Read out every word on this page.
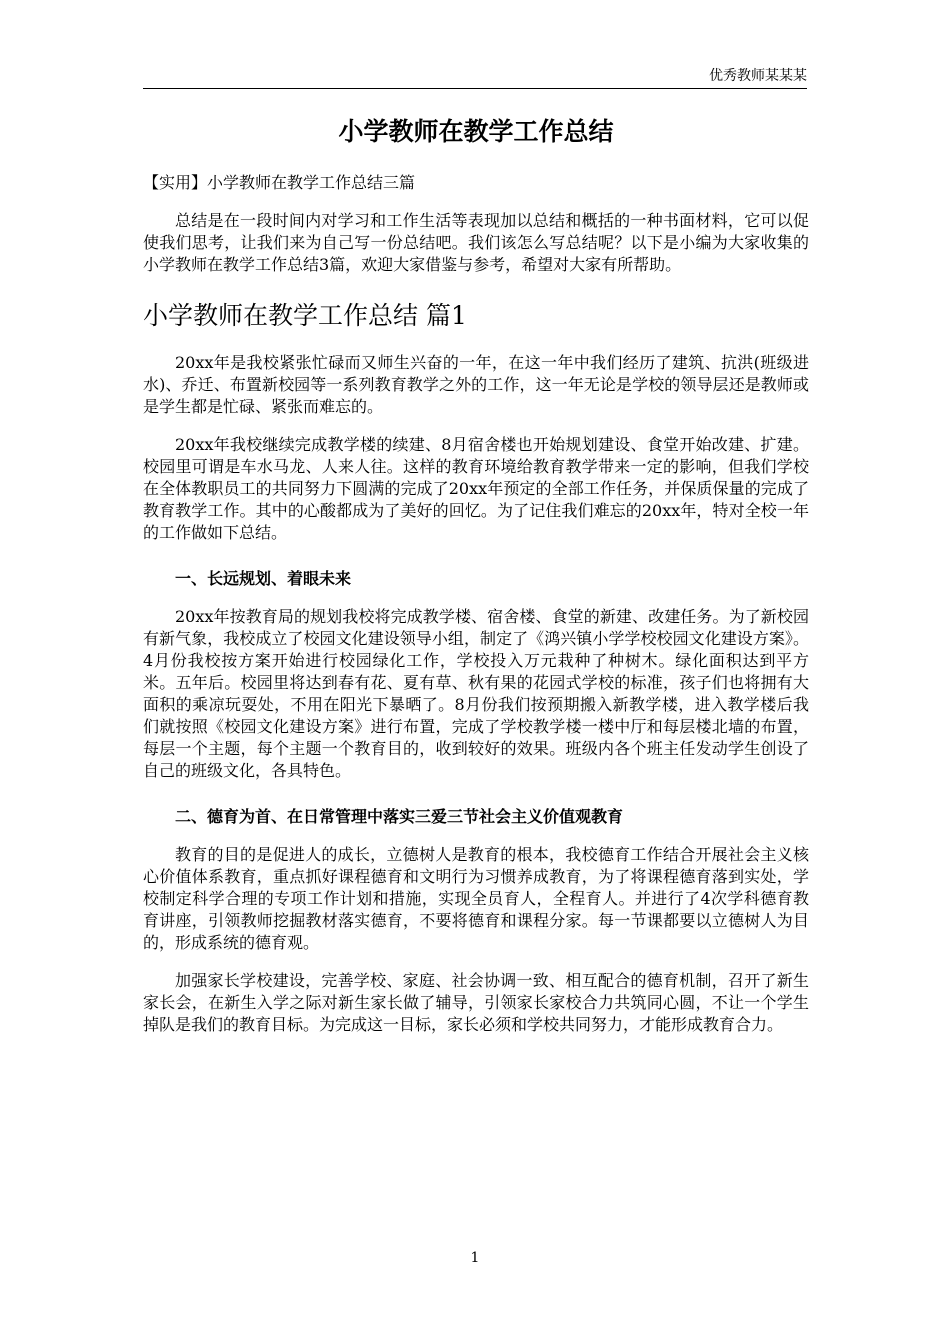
优秀教师某某某
小学教师在教学工作总结
【实用】小学教师在教学工作总结三篇

总结是在一段时间内对学习和工作生活等表现加以总结和概括的一种书面材料，它可以促使我们思考，让我们来为自己写一份总结吧。我们该怎么写总结呢？以下是小编为大家收集的小学教师在教学工作总结3篇，欢迎大家借鉴与参考，希望对大家有所帮助。

小学教师在教学工作总结 篇1

20xx年是我校紧张忙碌而又师生兴奋的一年，在这一年中我们经历了建筑、抗洪(班级进水)、乔迁、布置新校园等一系列教育教学之外的工作，这一年无论是学校的领导层还是教师或是学生都是忙碌、紧张而难忘的。

20xx年我校继续完成教学楼的续建、8月宿舍楼也开始规划建设、食堂开始改建、扩建。校园里可谓是车水马龙、人来人往。这样的教育环境给教育教学带来一定的影响，但我们学校在全体教职员工的共同努力下圆满的完成了20xx年预定的全部工作任务，并保质保量的完成了教育教学工作。其中的心酸都成为了美好的回忆。为了记住我们难忘的20xx年，特对全校一年的工作做如下总结。

一、长远规划、着眼未来

20xx年按教育局的规划我校将完成教学楼、宿舍楼、食堂的新建、改建任务。为了新校园有新气象，我校成立了校园文化建设领导小组，制定了《鸿兴镇小学学校校园文化建设方案》。4月份我校按方案开始进行校园绿化工作，学校投入万元栽种了种树木。绿化面积达到平方米。五年后。校园里将达到春有花、夏有草、秋有果的花园式学校的标准，孩子们也将拥有大面积的乘凉玩耍处，不用在阳光下暴晒了。8月份我们按预期搬入新教学楼，进入教学楼后我们就按照《校园文化建设方案》进行布置，完成了学校教学楼一楼中厅和每层楼北墙的布置，每层一个主题，每个主题一个教育目的，收到较好的效果。班级内各个班主任发动学生创设了自己的班级文化，各具特色。

二、德育为首、在日常管理中落实三爱三节社会主义价值观教育

教育的目的是促进人的成长，立德树人是教育的根本，我校德育工作结合开展社会主义核心价值体系教育，重点抓好课程德育和文明行为习惯养成教育，为了将课程德育落到实处，学校制定科学合理的专项工作计划和措施，实现全员育人，全程育人。并进行了4次学科德育教育讲座，引领教师挖掘教材落实德育，不要将德育和课程分家。每一节课都要以立德树人为目的，形成系统的德育观。

加强家长学校建设，完善学校、家庭、社会协调一致、相互配合的德育机制，召开了新生家长会，在新生入学之际对新生家长做了辅导，引领家长家校合力共筑同心圆，不让一个学生掉队是我们的教育目标。为完成这一目标，家长必须和学校共同努力，才能形成教育合力。

1
